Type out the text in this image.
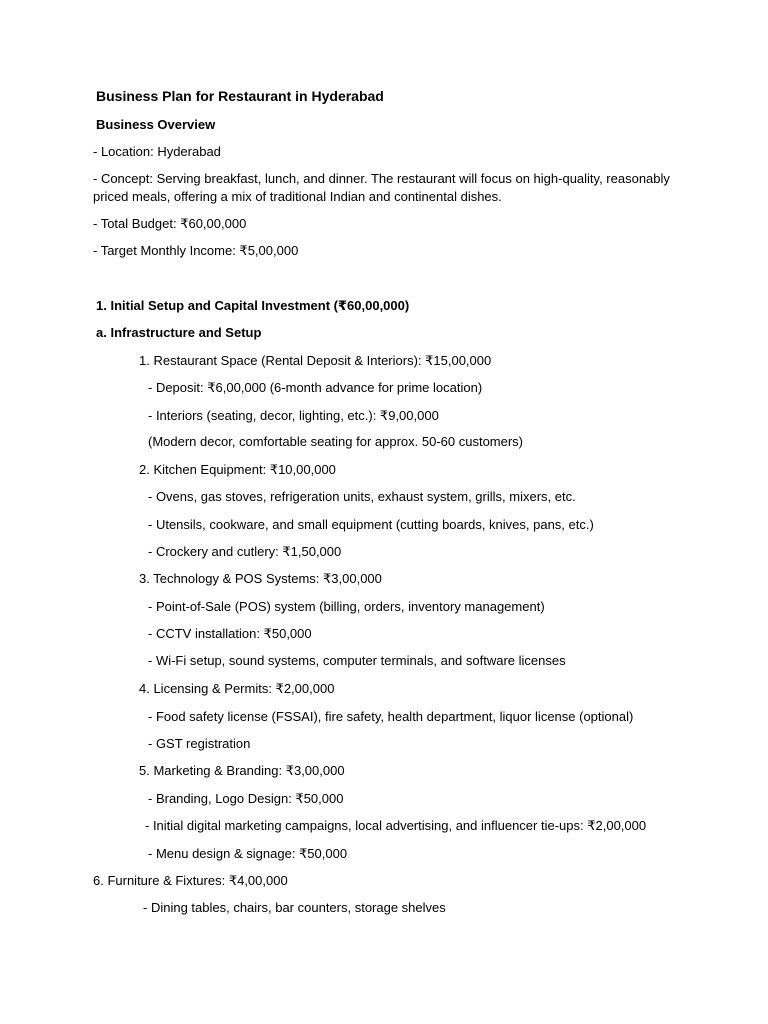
Business Plan for Restaurant in Hyderabad
Business Overview
- Location: Hyderabad
- Concept: Serving breakfast, lunch, and dinner. The restaurant will focus on high-quality, reasonably priced meals, offering a mix of traditional Indian and continental dishes.
- Total Budget: ₹60,00,000
- Target Monthly Income: ₹5,00,000
1. Initial Setup and Capital Investment (₹60,00,000)
a. Infrastructure and Setup
1. Restaurant Space (Rental Deposit & Interiors): ₹15,00,000
- Deposit: ₹6,00,000 (6-month advance for prime location)
- Interiors (seating, decor, lighting, etc.): ₹9,00,000
(Modern decor, comfortable seating for approx. 50-60 customers)
2. Kitchen Equipment: ₹10,00,000
- Ovens, gas stoves, refrigeration units, exhaust system, grills, mixers, etc.
- Utensils, cookware, and small equipment (cutting boards, knives, pans, etc.)
- Crockery and cutlery: ₹1,50,000
3. Technology & POS Systems: ₹3,00,000
- Point-of-Sale (POS) system (billing, orders, inventory management)
- CCTV installation: ₹50,000
- Wi-Fi setup, sound systems, computer terminals, and software licenses
4. Licensing & Permits: ₹2,00,000
- Food safety license (FSSAI), fire safety, health department, liquor license (optional)
- GST registration
5. Marketing & Branding: ₹3,00,000
- Branding, Logo Design: ₹50,000
- Initial digital marketing campaigns, local advertising, and influencer tie-ups: ₹2,00,000
- Menu design & signage: ₹50,000
6. Furniture & Fixtures: ₹4,00,000
- Dining tables, chairs, bar counters, storage shelves
